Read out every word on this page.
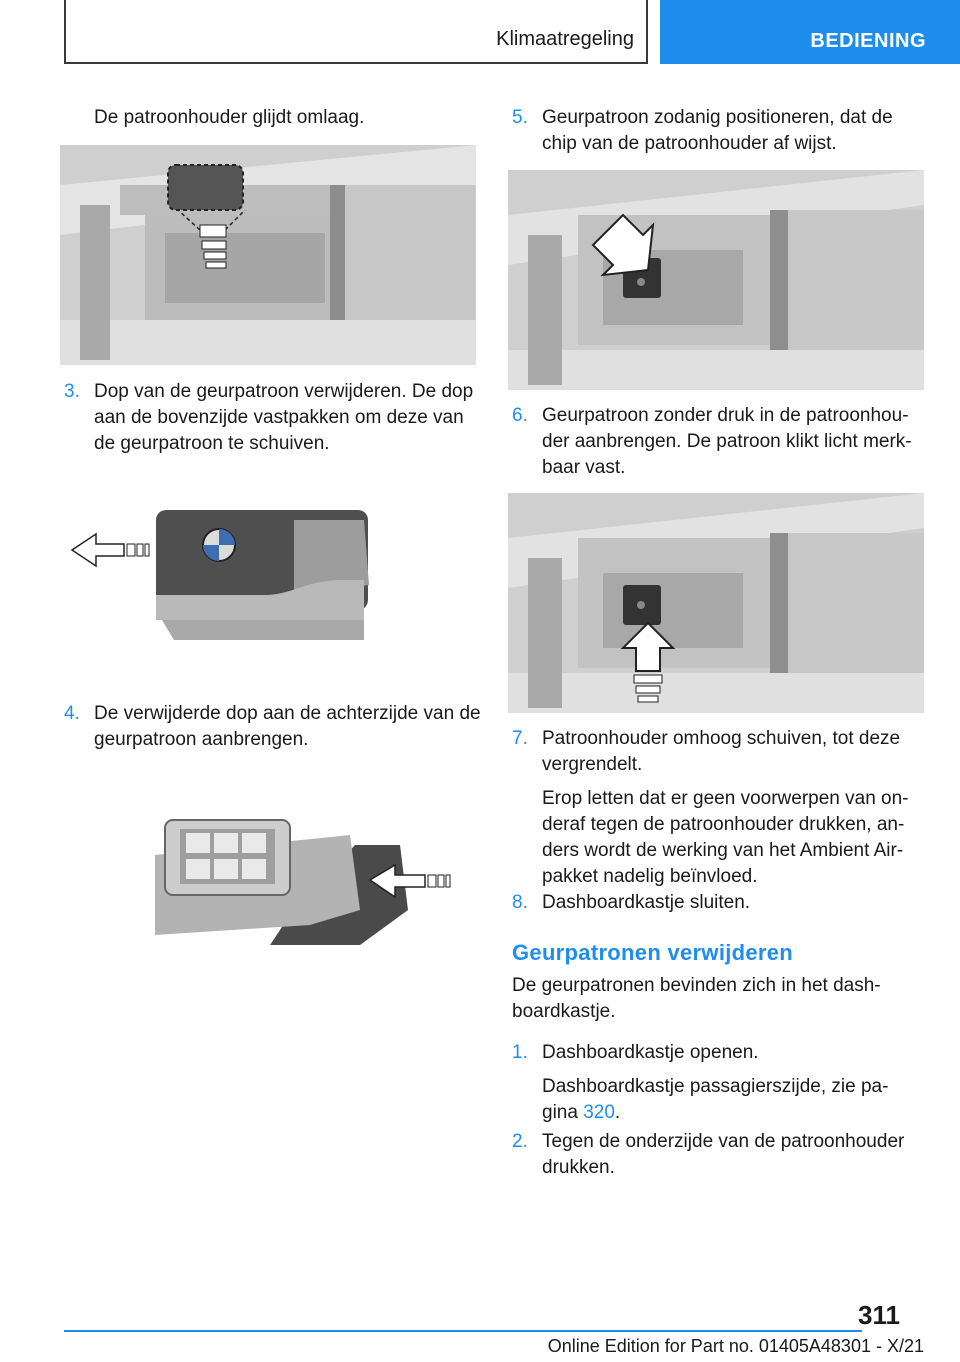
Klimaatregeling	BEDIENING
De patroonhouder glijdt omlaag.
3. Dop van de geurpatroon verwijderen. De dop
aan de bovenzijde vastpakken om deze van
de geurpatroon te schuiven.
4. De verwijderde dop aan de achterzijde van de
geurpatroon aanbrengen.
5. Geurpatroon zodanig positioneren, dat de
chip van de patroonhouder af wijst.
6. Geurpatroon zonder druk in de patroonhou-
der aanbrengen. De patroon klikt licht merk-
baar vast.
7. Patroonhouder omhoog schuiven, tot deze
vergrendelt.
Erop letten dat er geen voorwerpen van on-
deraf tegen de patroonhouder drukken, an-
ders wordt de werking van het Ambient Air-
pakket nadelig beïnvloed.
8. Dashboardkastje sluiten.
Geurpatronen verwijderen
De geurpatronen bevinden zich in het dash-
boardkastje.
1. Dashboardkastje openen.
Dashboardkastje passagierszijde, zie pa-
gina 320.
2. Tegen de onderzijde van de patroonhouder
drukken.
311
Online Edition for Part no. 01405A48301 - X/21
